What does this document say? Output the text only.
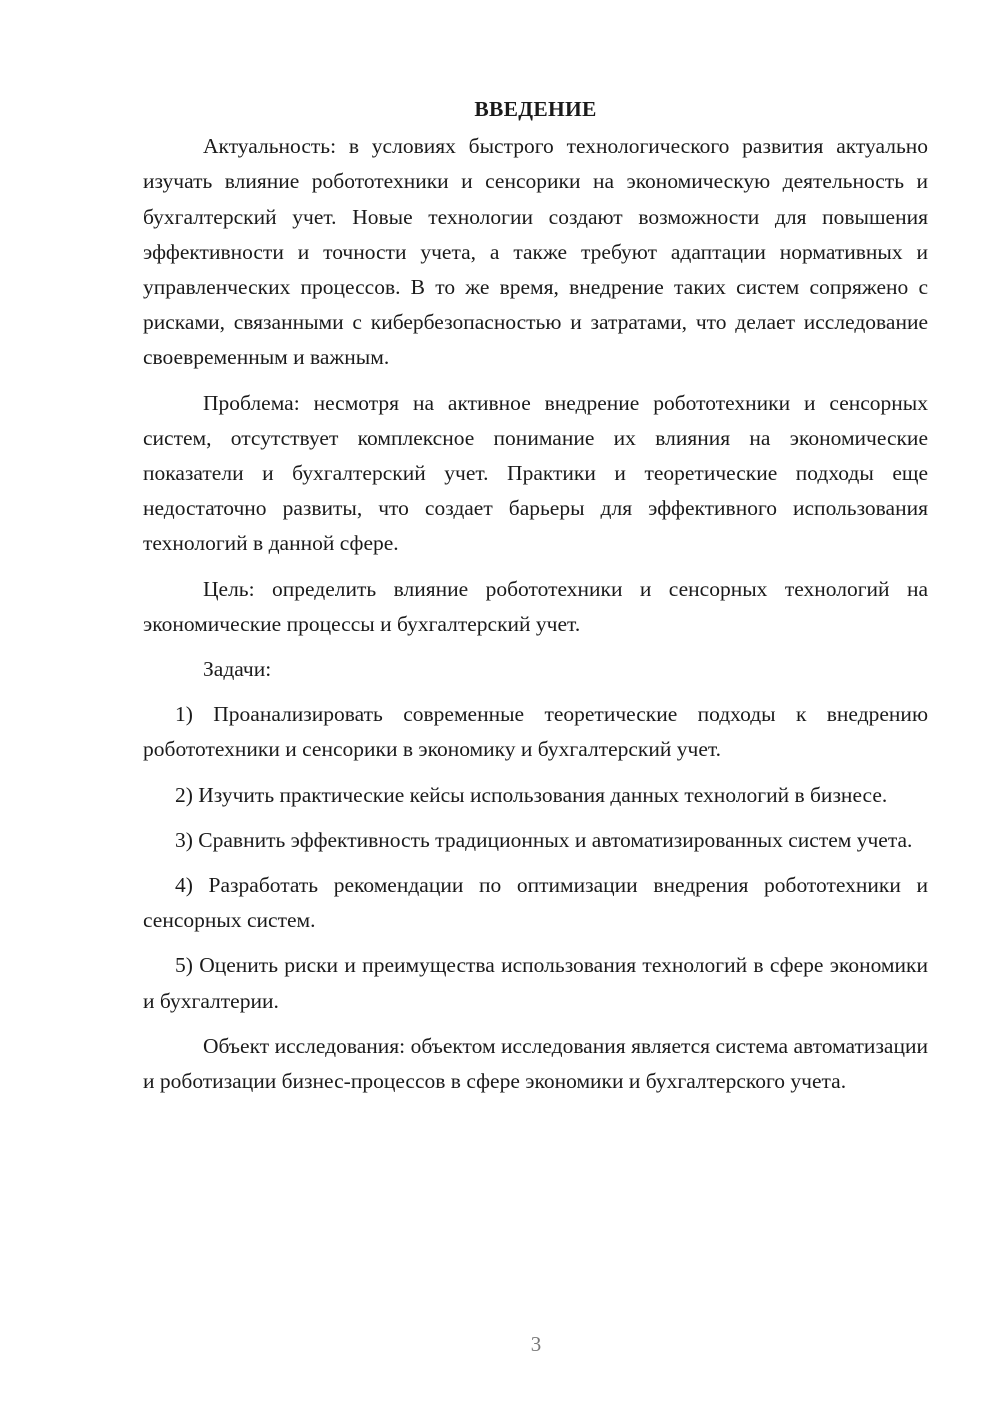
ВВЕДЕНИЕ

Актуальность: в условиях быстрого технологического развития актуально изучать влияние робототехники и сенсорики на экономическую деятельность и бухгалтерский учет. Новые технологии создают возможности для повышения эффективности и точности учета, а также требуют адаптации нормативных и управленческих процессов. В то же время, внедрение таких систем сопряжено с рисками, связанными с кибербезопасностью и затратами, что делает исследование своевременным и важным.

Проблема: несмотря на активное внедрение робототехники и сенсорных систем, отсутствует комплексное понимание их влияния на экономические показатели и бухгалтерский учет. Практики и теоретические подходы еще недостаточно развиты, что создает барьеры для эффективного использования технологий в данной сфере.

Цель: определить влияние робототехники и сенсорных технологий на экономические процессы и бухгалтерский учет.

Задачи:

1) Проанализировать современные теоретические подходы к внедрению робототехники и сенсорики в экономику и бухгалтерский учет.

2) Изучить практические кейсы использования данных технологий в бизнесе.

3) Сравнить эффективность традиционных и автоматизированных систем учета.

4) Разработать рекомендации по оптимизации внедрения робототехники и сенсорных систем.

5) Оценить риски и преимущества использования технологий в сфере экономики и бухгалтерии.

Объект исследования: объектом исследования является система автоматизации и роботизации бизнес-процессов в сфере экономики и бухгалтерского учета.

3
